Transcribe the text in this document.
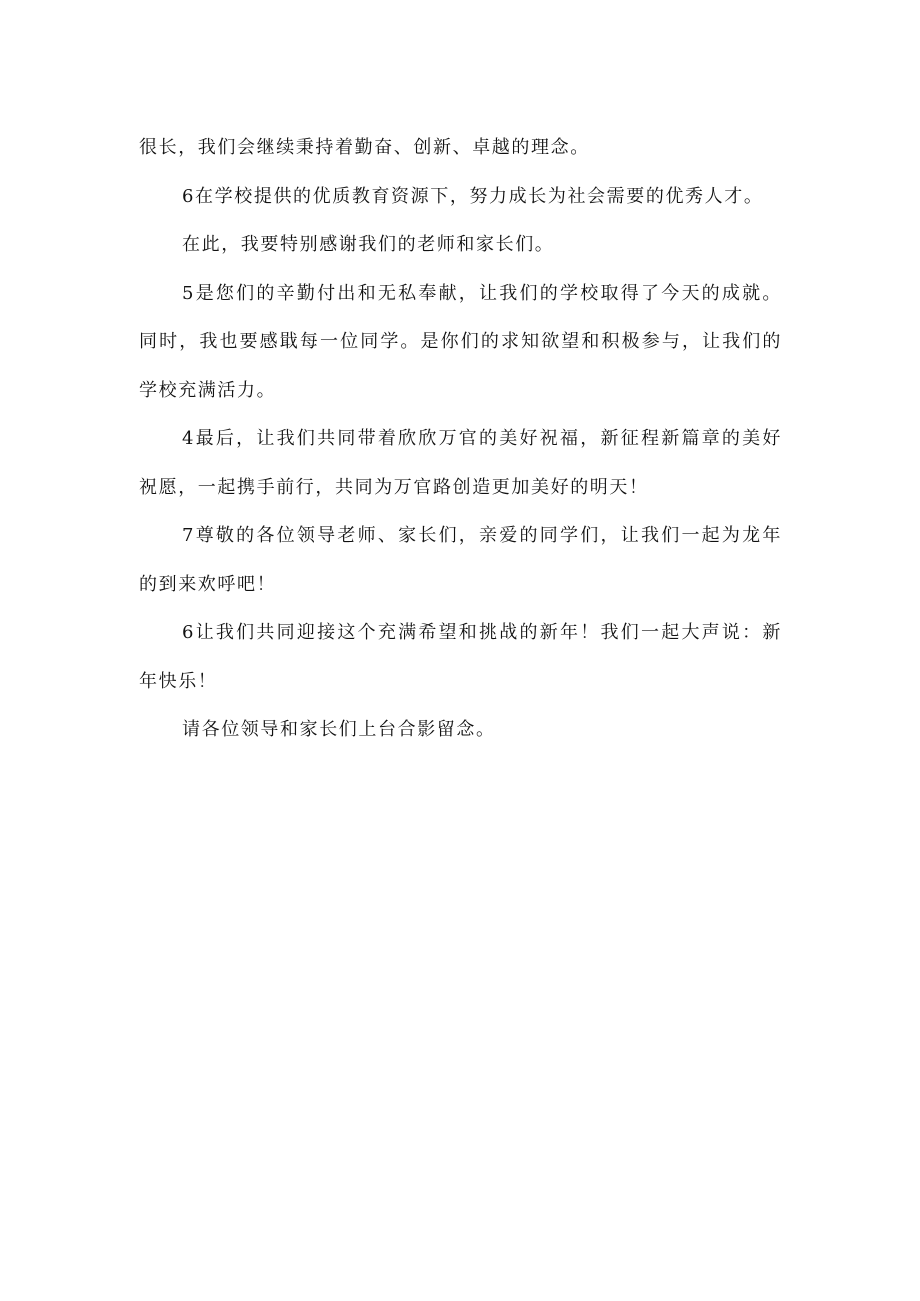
很长，我们会继续秉持着勤奋、创新、卓越的理念。

6在学校提供的优质教育资源下，努力成长为社会需要的优秀人才。

在此，我要特别感谢我们的老师和家长们。

5是您们的辛勤付出和无私奉献，让我们的学校取得了今天的成就。同时，我也要感戢每一位同学。是你们的求知欲望和积极参与，让我们的学校充满活力。

4最后，让我们共同带着欣欣万官的美好祝福，新征程新篇章的美好祝愿，一起携手前行，共同为万官路创造更加美好的明天！

7尊敬的各位领导老师、家长们，亲爱的同学们，让我们一起为龙年的到来欢呼吧！

6让我们共同迎接这个充满希望和挑战的新年！我们一起大声说：新年快乐！

请各位领导和家长们上台合影留念。
